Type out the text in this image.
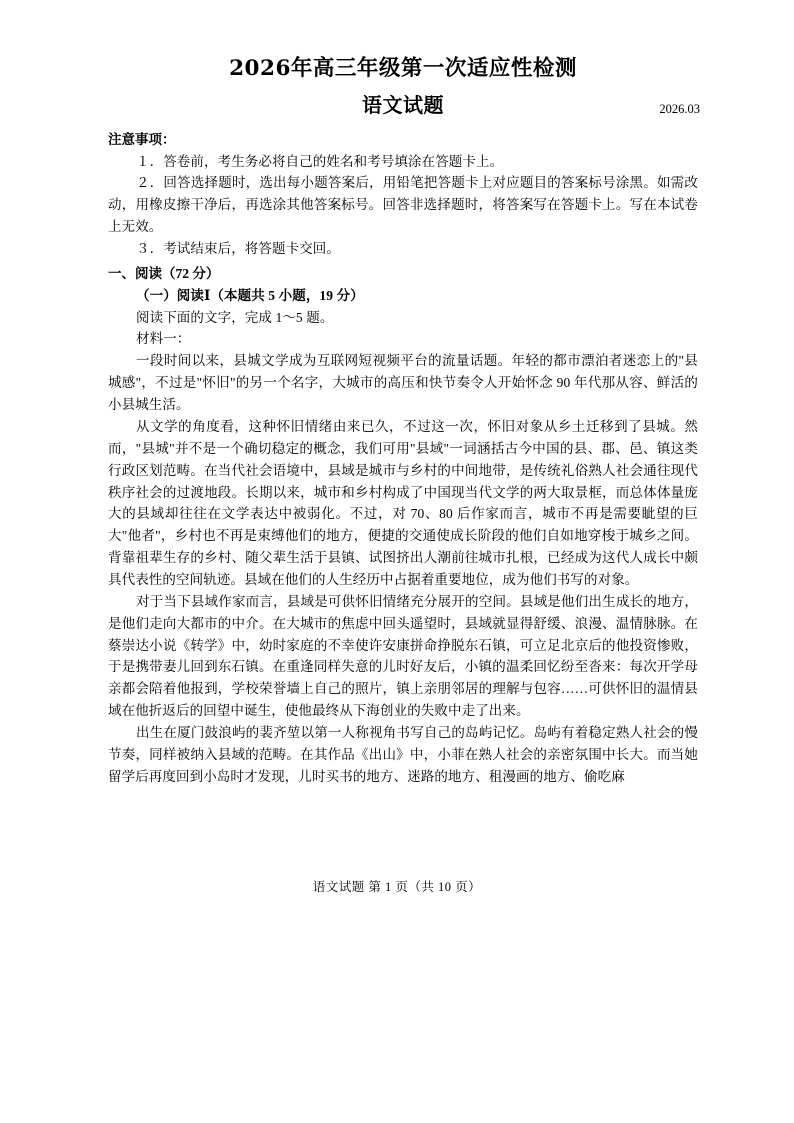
2026年高三年级第一次适应性检测
语文试题	2026.03
注意事项：

１．答卷前，考生务必将自己的姓名和考号填涂在答题卡上。

２．回答选择题时，选出每小题答案后，用铅笔把答题卡上对应题目的答案标号涂黑。如需改动，用橡皮擦干净后，再选涂其他答案标号。回答非选择题时，将答案写在答题卡上。写在本试卷上无效。

３．考试结束后，将答题卡交回。

一、阅读（72 分）

（一）阅读Ⅰ（本题共 5 小题，19 分）

阅读下面的文字，完成 1～5 题。

材料一：

一段时间以来，县城文学成为互联网短视频平台的流量话题。年轻的都市漂泊者迷恋上的"县城感"，不过是"怀旧"的另一个名字，大城市的高压和快节奏令人开始怀念 90 年代那从容、鲜活的小县城生活。

从文学的角度看，这种怀旧情绪由来已久，不过这一次，怀旧对象从乡土迁移到了县城。然而，"县城"并不是一个确切稳定的概念，我们可用"县域"一词涵括古今中国的县、郡、邑、镇这类行政区划范畴。在当代社会语境中，县域是城市与乡村的中间地带，是传统礼俗熟人社会通往现代秩序社会的过渡地段。长期以来，城市和乡村构成了中国现当代文学的两大取景框，而总体体量庞大的县域却往往在文学表达中被弱化。不过，对 70、80 后作家而言，城市不再是需要眦望的巨大"他者"，乡村也不再是束缚他们的地方，便捷的交通使成长阶段的他们自如地穿梭于城乡之间。背靠祖辈生存的乡村、随父辈生活于县镇、试图挤出人潮前往城市扎根，已经成为这代人成长中颇具代表性的空间轨迹。县域在他们的人生经历中占据着重要地位，成为他们书写的对象。

对于当下县域作家而言，县域是可供怀旧情绪充分展开的空间。县域是他们出生成长的地方，是他们走向大都市的中介。在大城市的焦虑中回头遥望时，县域就显得舒缓、浪漫、温情脉脉。在蔡崇达小说《转学》中，幼时家庭的不幸使许安康拼命挣脱东石镇，可立足北京后的他投资惨败，于是携带妻儿回到东石镇。在重逢同样失意的儿时好友后，小镇的温柔回忆纷至沓来：每次开学母亲都会陪着他报到，学校荣誉墙上自己的照片，镇上亲朋邻居的理解与包容……可供怀旧的温情县域在他折返后的回望中诞生，使他最终从下海创业的失败中走了出来。

出生在厦门鼓浪屿的裴齐堃以第一人称视角书写自己的岛屿记忆。岛屿有着稳定熟人社会的慢节奏，同样被纳入县域的范畴。在其作品《出山》中，小菲在熟人社会的亲密氛围中长大。而当她留学后再度回到小岛时才发现，儿时买书的地方、迷路的地方、租漫画的地方、偷吃麻

语文试题 第 1 页（共 10 页）
